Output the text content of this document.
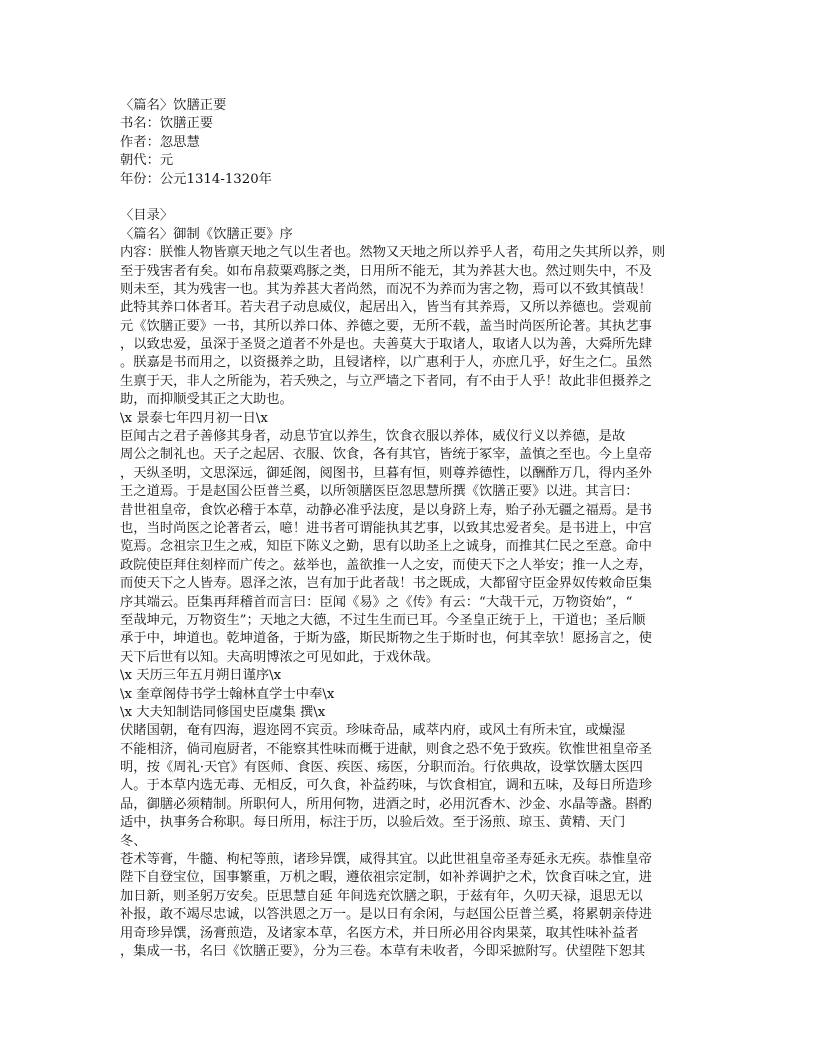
〈篇名〉饮膳正要
书名：饮膳正要
作者：忽思慧
朝代：元
年份：公元1314-1320年
〈目录〉
〈篇名〉御制《饮膳正要》序
内容：朕惟人物皆禀天地之气以生者也。然物又天地之所以养乎人者，苟用之失其所以养，则
至于残害者有矣。如布帛菽粟鸡豚之类，日用所不能无，其为养甚大也。然过则失中，不及
则未至，其为残害一也。其为养甚大者尚然，而况不为养而为害之物，焉可以不致其慎哉！
此特其养口体者耳。若夫君子动息威仪，起居出入，皆当有其养焉，又所以养德也。尝观前
元《饮膳正要》一书，其所以养口体、养德之要，无所不载，盖当时尚医所论著。其执艺事
，以致忠爱，虽深于圣贤之道者不外是也。夫善莫大于取诸人，取诸人以为善，大舜所先肆
。朕嘉是书而用之，以资摄养之助，且锓诸梓，以广惠利于人，亦庶几乎，好生之仁。虽然
生禀于天，非人之所能为，若夭殃之，与立严墙之下者同，有不由于人乎！故此非但摄养之
助，而抑顺受其正之大助也。
\x 景泰七年四月初一日\x
臣闻古之君子善修其身者，动息节宜以养生，饮食衣服以养体，威仪行义以养德，是故
周公之制礼也。天子之起居、衣服、饮食，各有其官，皆统于冢宰，盖慎之至也。今上皇帝
，天纵圣明，文思深远，御延阁，阅图书，旦暮有恒，则尊养德性，以酬酢万几，得内圣外
王之道焉。于是赵国公臣普兰奚，以所领膳医臣忽思慧所撰《饮膳正要》以进。其言曰：
昔世祖皇帝，食饮必稽于本草，动静必准乎法度，是以身跻上寿，贻子孙无疆之福焉。是书
也，当时尚医之论著者云，噫！进书者可谓能执其艺事，以致其忠爱者矣。是书进上，中宫
览焉。念祖宗卫生之戒，知臣下陈义之勤，思有以助圣上之诚身，而推其仁民之至意。命中
政院使臣拜住刻梓而广传之。兹举也，盖欲推一人之安，而使天下之人举安；推一人之寿，
而使天下之人皆寿。恩泽之浓，岂有加于此者哉！书之既成，大都留守臣金界奴传敕命臣集
序其端云。臣集再拜稽首而言曰：臣闻《易》之《传》有云：“大哉干元，万物资始”，“
至哉坤元，万物资生”；天地之大德，不过生生而已耳。今圣皇正统于上，干道也；圣后顺
承于中，坤道也。乾坤道备，于斯为盛，斯民斯物之生于斯时也，何其幸欤！愿扬言之，使
天下后世有以知。夫高明博浓之可见如此，于戏休哉。
\x 天历三年五月朔日谨序\x
\x 奎章阁侍书学士翰林直学士中奉\x
\x 大夫知制诰同修国史臣虞集 撰\x
伏睹国朝，奄有四海，遐迩罔不宾贡。珍味奇品，咸萃内府，或风土有所未宜，或燥湿
不能相济，倘司庖厨者，不能察其性味而概于进献，则食之恐不免于致疾。钦惟世祖皇帝圣
明，按《周礼·天官》有医师、食医、疾医、疡医，分职而治。行依典故，设掌饮膳太医四
人。于本草内选无毒、无相反，可久食，补益药味，与饮食相宜，调和五味，及每日所造珍
品，御膳必须精制。所职何人，所用何物，进酒之时，必用沉香木、沙金、水晶等盏。斟酌
适中，执事务合称职。每日所用，标注于历，以验后效。至于汤煎、琼玉、黄精、天门
冬、
苍术等膏，牛髓、枸杞等煎，诸珍异馔，咸得其宜。以此世祖皇帝圣寿延永无疾。恭惟皇帝
陛下自登宝位，国事繁重，万机之暇，遵依祖宗定制，如补养调护之术，饮食百味之宜，进
加日新，则圣躬万安矣。臣思慧自延 年间选充饮膳之职，于兹有年，久叨天禄，退思无以
补报，敢不竭尽忠诚，以答洪恩之万一。是以日有余闲，与赵国公臣普兰奚，将累朝亲侍进
用奇珍异馔，汤膏煎造，及诸家本草，名医方术，并日所必用谷肉果菜，取其性味补益者
，集成一书，名曰《饮膳正要》，分为三卷。本草有未收者，今即采摭附写。伏望陛下恕其
